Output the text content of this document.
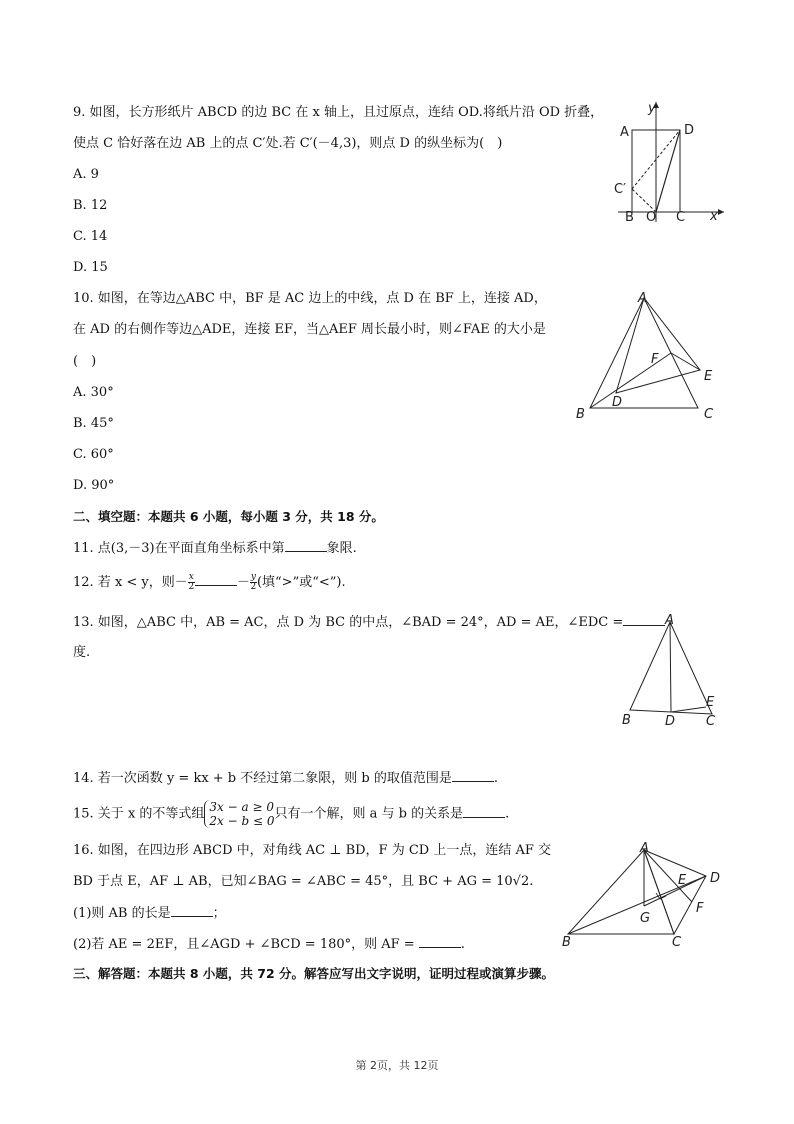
9. 如图，长方形纸片 ABCD 的边 BC 在 x 轴上，且过原点，连结 OD.将纸片沿 OD 折叠，
使点 C 恰好落在边 AB 上的点 C′处.若 C′(－4,3)，则点 D 的纵坐标为(　)
A. 9
B. 12
C. 14
D. 15
A	D
C′
B O C x
y
10. 如图，在等边△ABC 中，BF 是 AC 边上的中线，点 D 在 BF 上，连接 AD，
在 AD 的右侧作等边△ADE，连接 EF，当△AEF 周长最小时，则∠FAE 的大小是
(　)
A. 30°
B. 45°
C. 60°
D. 90°
A
F
E
D
B	C
二、填空题：本题共 6 小题，每小题 3 分，共 18 分。
11. 点(3,－3)在平面直角坐标系中第	象限.
12. 若 x < y，则－ $\frac{x}{2}$	－ $\frac{y}{2}$ (填“>”或“<”).
13. 如图，△ABC 中，AB = AC，点 D 为 BC 的中点，∠BAD = 24°，AD = AE，∠EDC =
度.
A
E
B	D C
14. 若一次函数 y = kx + b 不经过第二象限，则 b 的取值范围是	.
15. 关于 x 的不等式组 3x − a ≥ 0
2x − b ≤ 0 只有一个解，则 a 与 b 的关系是	.
16. 如图，在四边形 ABCD 中，对角线 AC ⊥ BD，F 为 CD 上一点，连结 AF 交
BD 于点 E，AF ⊥ AB，已知∠BAG = ∠ABC = 45°，且 BC + AG = 10√2.
(1)则 AB 的长是	；
(2)若 AE = 2EF，且∠AGD + ∠BCD = 180°，则 AF =	.
A
E D
G
F
B	C
三、解答题：本题共 8 小题，共 72 分。解答应写出文字说明，证明过程或演算步骤。
第 2页，共 12页
